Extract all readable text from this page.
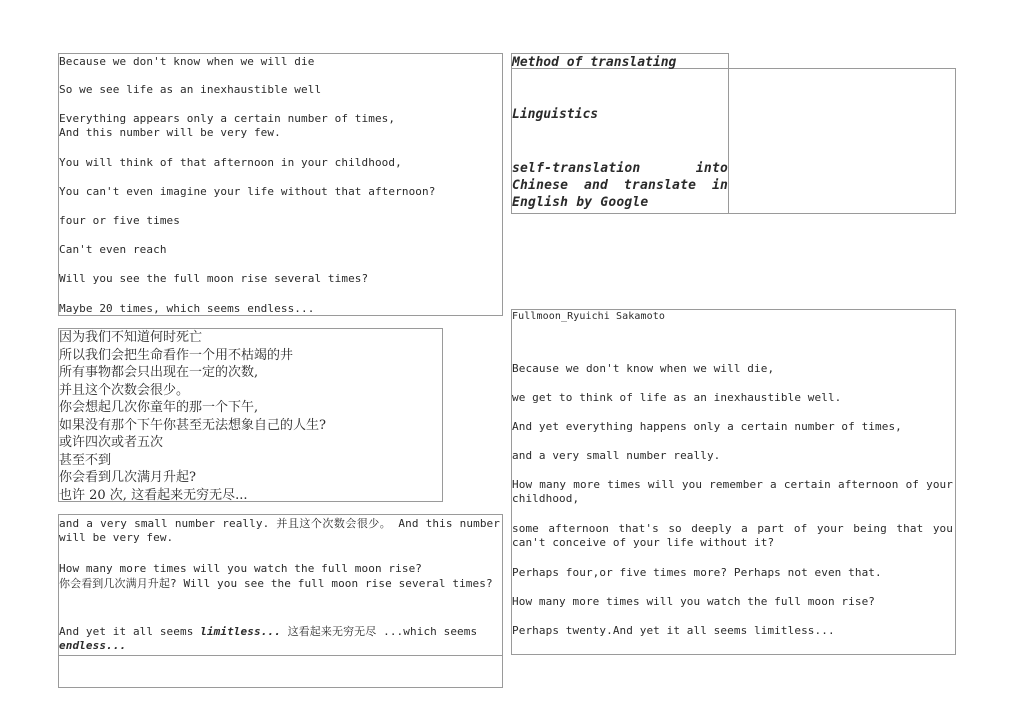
Because we don't know when we will die
So we see life as an inexhaustible well
Everything appears only a certain number of times,
And this number will be very few.
You will think of that afternoon in your childhood,
You can't even imagine your life without that afternoon?
four or five times
Can't even reach
Will you see the full moon rise several times?
Maybe 20 times, which seems endless...
因为我们不知道何时死亡
所以我们会把生命看作一个用不枯竭的井
所有事物都会只出现在一定的次数,
并且这个次数会很少。
你会想起几次你童年的那一个下午,
如果没有那个下午你甚至无法想象自己的人生?
或许四次或者五次
甚至不到
你会看到几次满月升起?
也许 20 次, 这看起来无穷无尽...
and a very small number really. 并且这个次数会很少。 And this number will be very few.
How many more times will you watch the full moon rise?
你会看到几次满月升起? Will you see the full moon rise several times?
And yet it all seems limitless... 这看起来无穷无尽 ...which seems endless...
Method of translating
Linguistics
self-translation into Chinese and translate in English by Google
Fullmoon_Ryuichi Sakamoto
Because we don't know when we will die,
we get to think of life as an inexhaustible well.
And yet everything happens only a certain number of times,
and a very small number really.
How many more times will you remember a certain afternoon of your childhood,
some afternoon that's so deeply a part of your being that you can't conceive of your life without it?
Perhaps four,or five times more? Perhaps not even that.
How many more times will you watch the full moon rise?
Perhaps twenty.And yet it all seems limitless...
